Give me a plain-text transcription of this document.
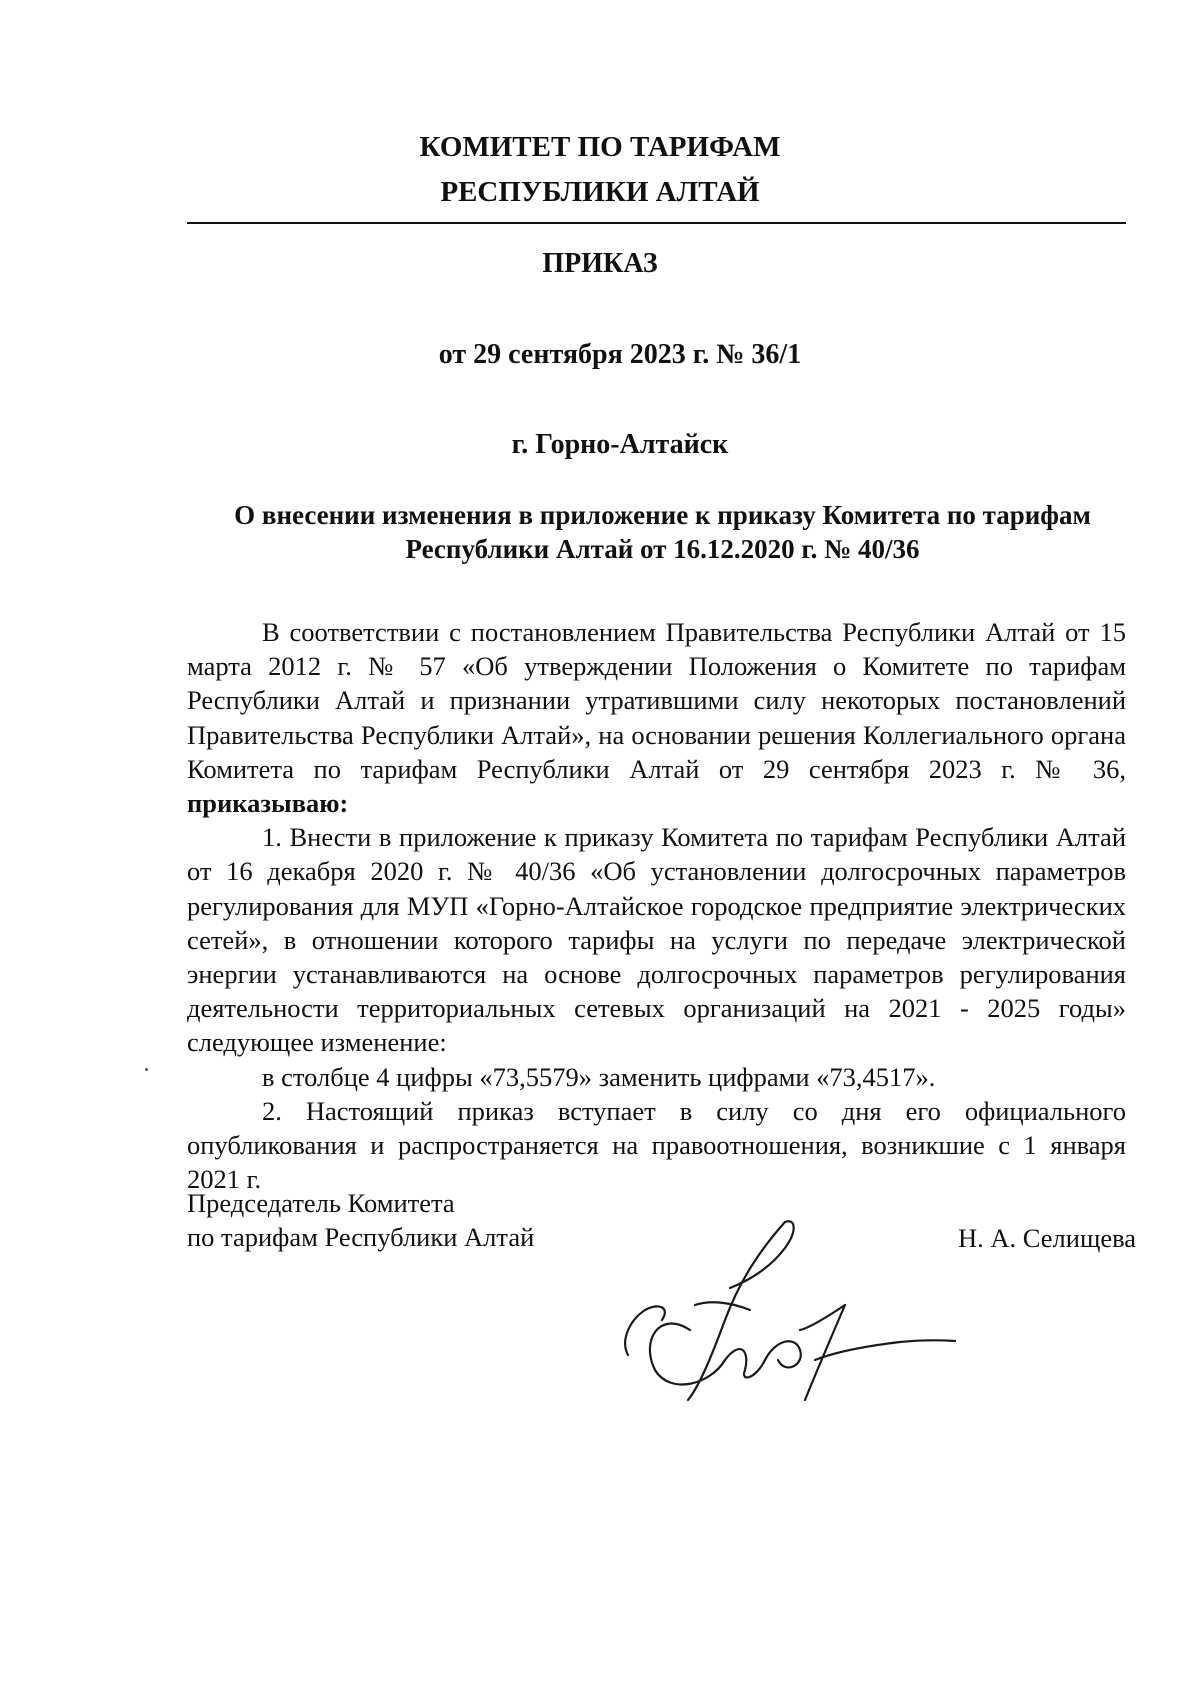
КОМИТЕТ ПО ТАРИФАМ
РЕСПУБЛИКИ АЛТАЙ
ПРИКАЗ
от 29 сентября 2023 г. № 36/1
г. Горно-Алтайск
О внесении изменения в приложение к приказу Комитета по тарифам Республики Алтай от 16.12.2020 г. № 40/36

В соответствии с постановлением Правительства Республики Алтай от 15 марта 2012 г. № 57 «Об утверждении Положения о Комитете по тарифам Республики Алтай и признании утратившими силу некоторых постановлений Правительства Республики Алтай», на основании решения Коллегиального органа Комитета по тарифам Республики Алтай от 29 сентября 2023 г. № 36, приказываю:

1. Внести в приложение к приказу Комитета по тарифам Республики Алтай от 16 декабря 2020 г. № 40/36 «Об установлении долгосрочных параметров регулирования для МУП «Горно-Алтайское городское предприятие электрических сетей», в отношении которого тарифы на услуги по передаче электрической энергии устанавливаются на основе долгосрочных параметров регулирования деятельности территориальных сетевых организаций на 2021 - 2025 годы» следующее изменение:

в столбце 4 цифры «73,5579» заменить цифрами «73,4517».

2. Настоящий приказ вступает в силу со дня его официального опубликования и распространяется на правоотношения, возникшие с 1 января 2021 г.

Председатель Комитета
по тарифам Республики Алтай	Н. А. Селищева
